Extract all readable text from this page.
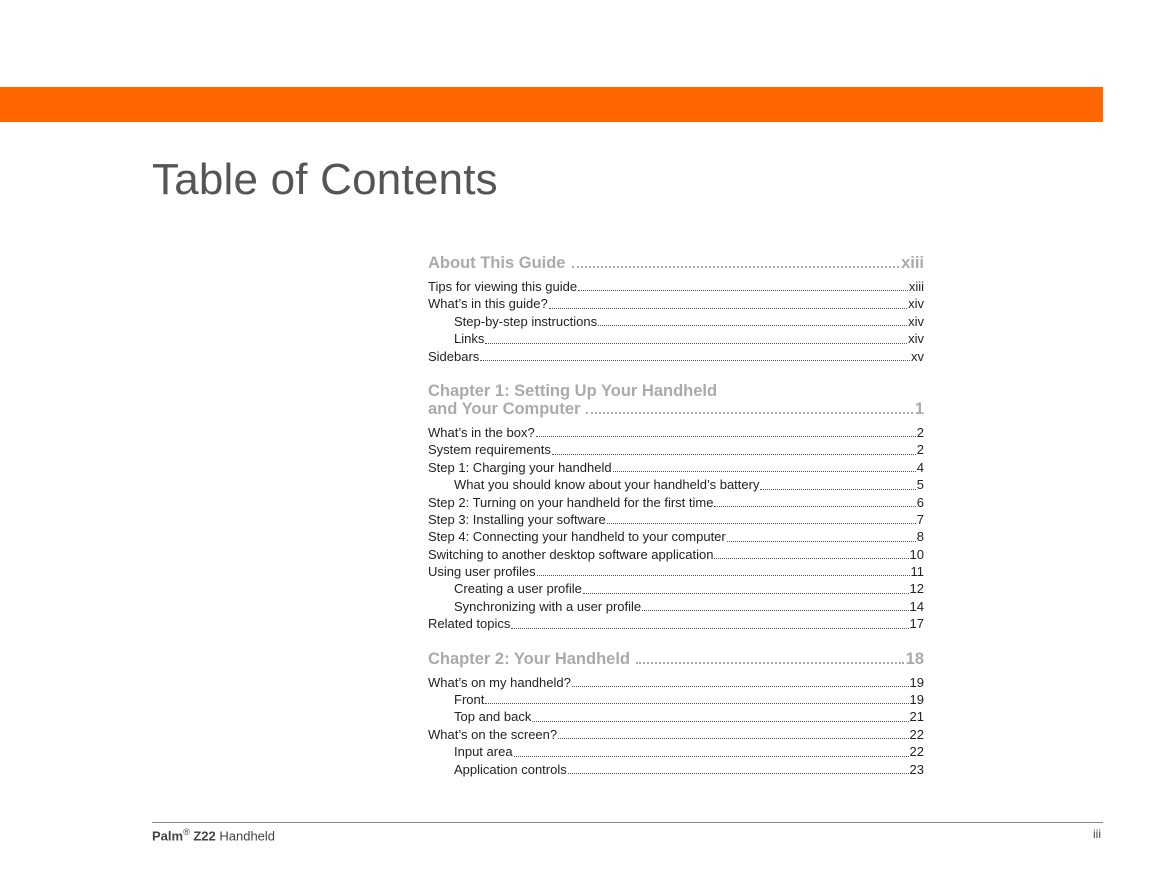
Table of Contents
About This Guide	xiii
Tips for viewing this guide	xiii
What’s in this guide?	xiv
Step-by-step instructions	xiv
Links	xiv
Sidebars	xv
Chapter 1: Setting Up Your Handheld
and Your Computer	1
What’s in the box?	2
System requirements	2
Step 1: Charging your handheld	4
What you should know about your handheld’s battery	5
Step 2: Turning on your handheld for the first time	6
Step 3: Installing your software	7
Step 4: Connecting your handheld to your computer	8
Switching to another desktop software application	10
Using user profiles	11
Creating a user profile	12
Synchronizing with a user profile	14
Related topics	17
Chapter 2: Your Handheld	18
What’s on my handheld?	19
Front	19
Top and back	21
What’s on the screen?	22
Input area	22
Application controls	23
Palm® Z22 Handheld	iii
